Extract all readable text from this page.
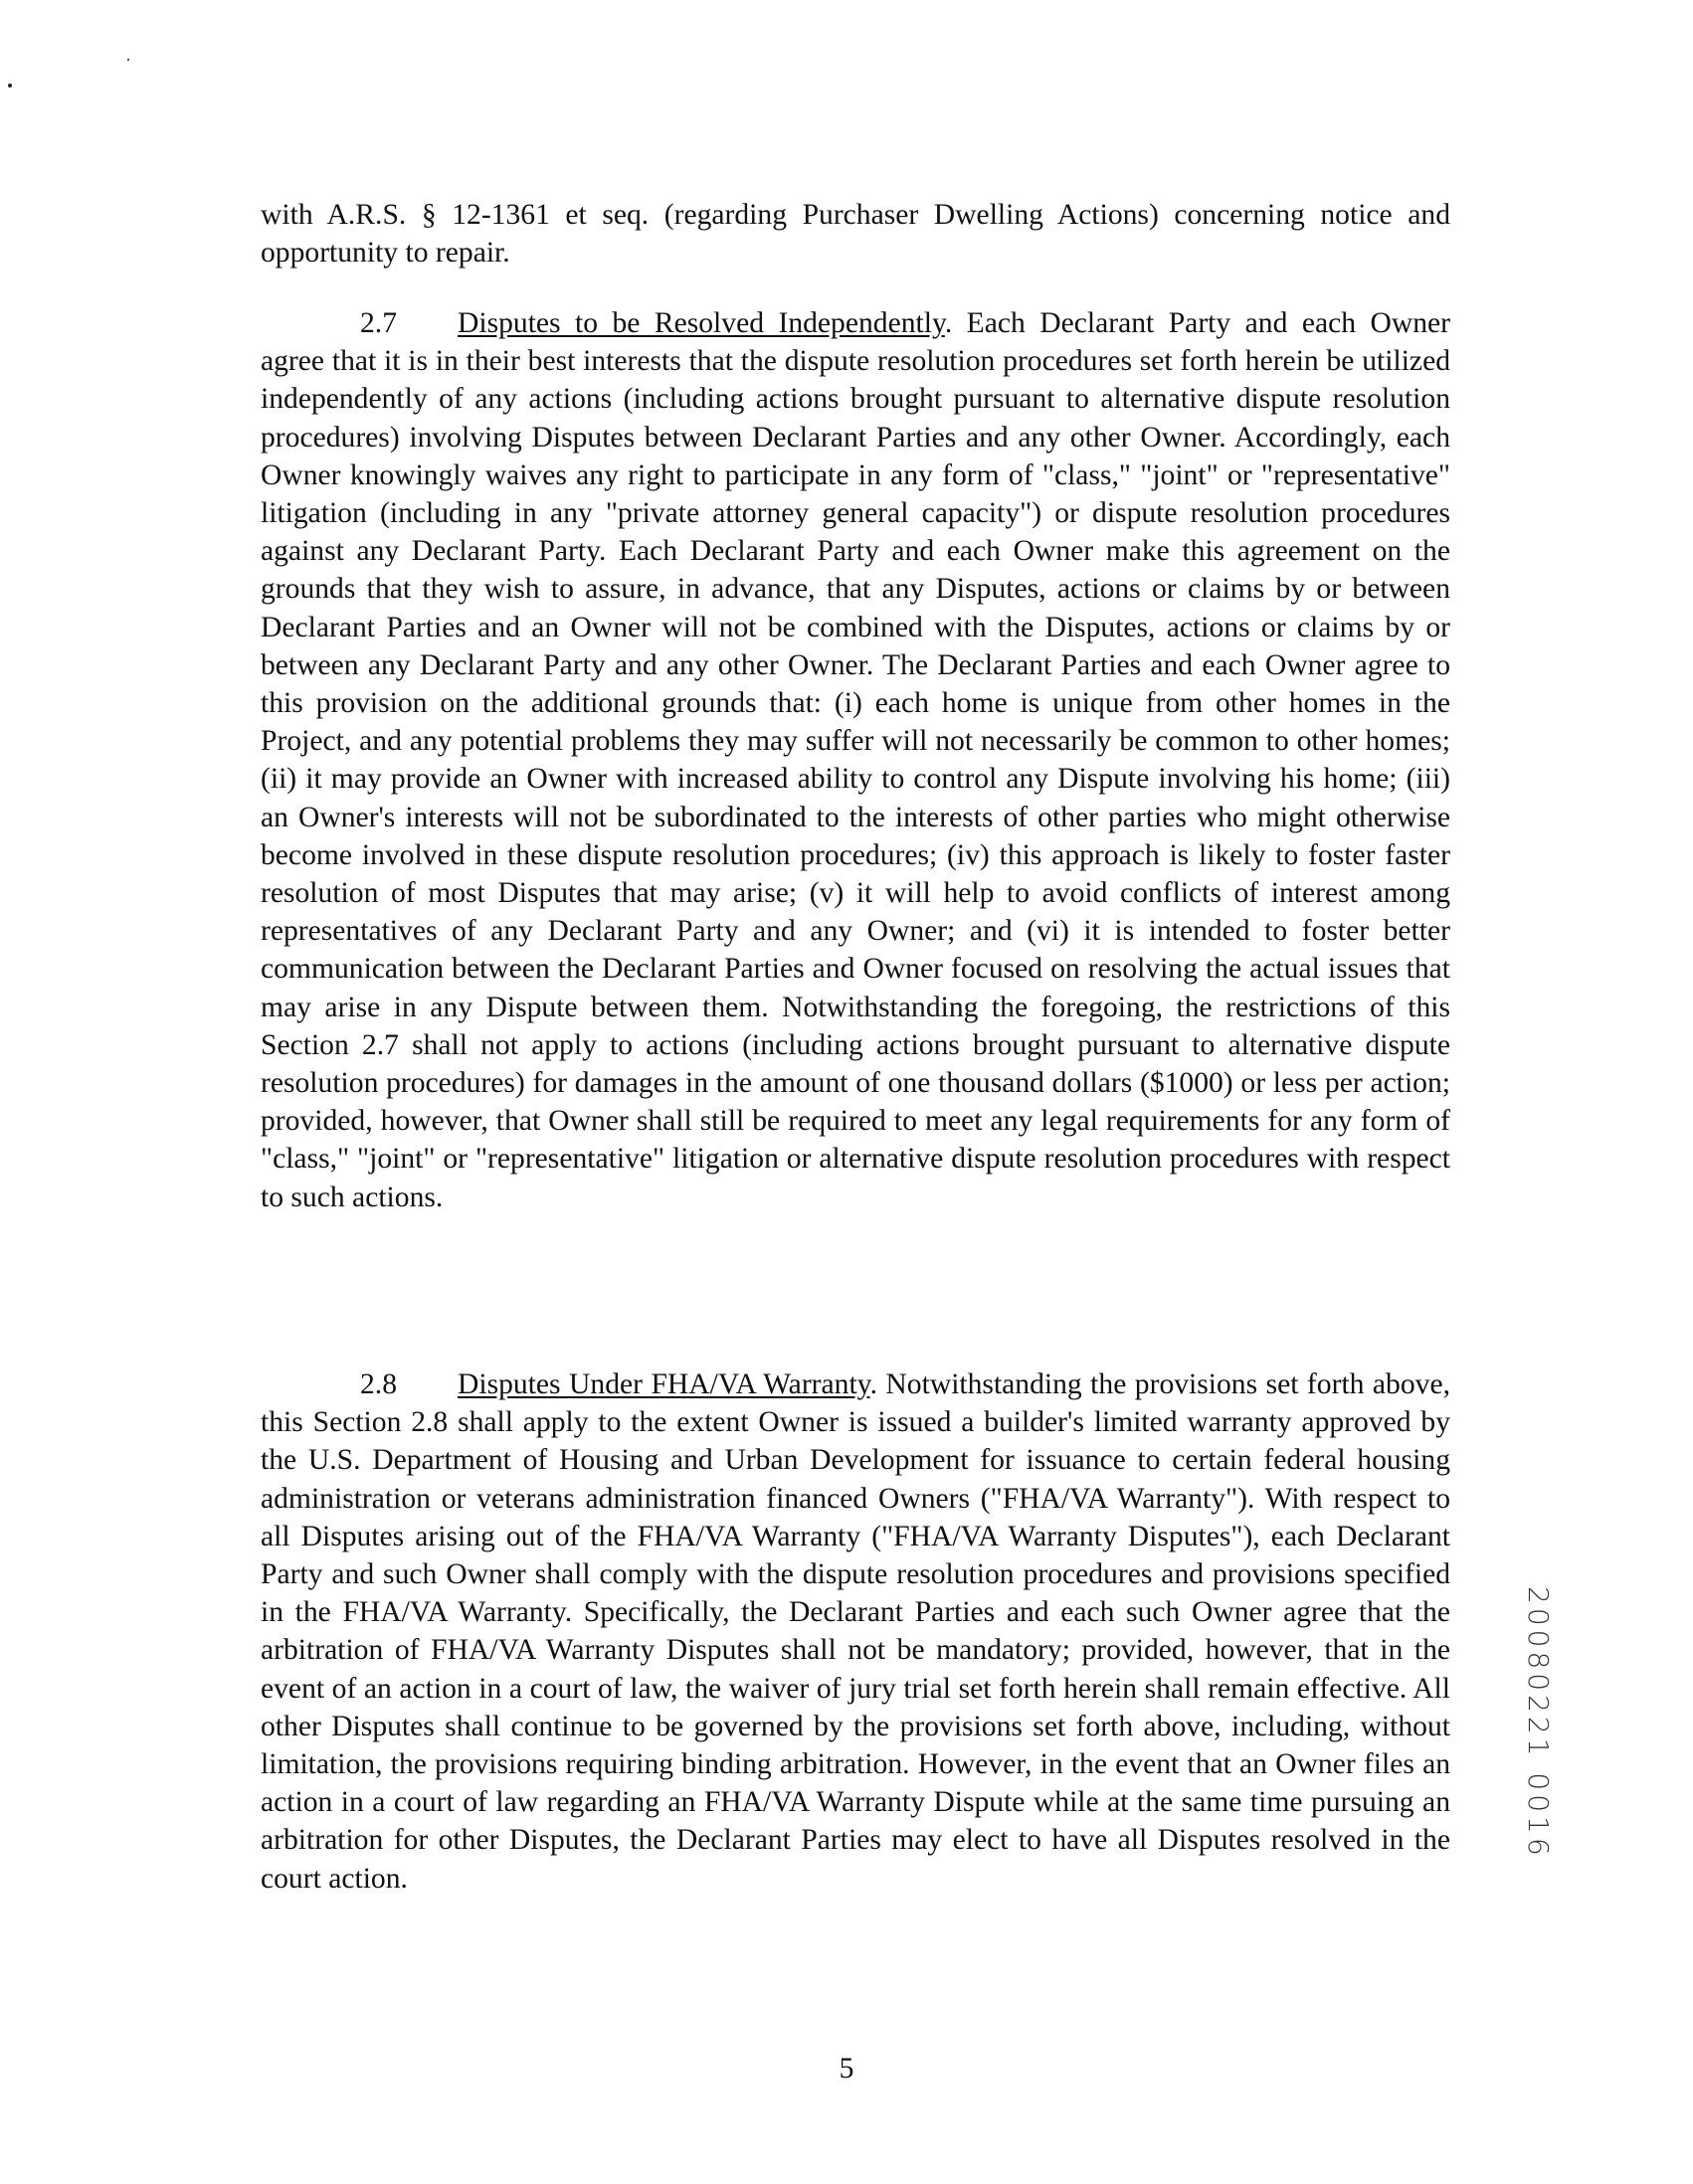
with A.R.S. § 12-1361 et seq. (regarding Purchaser Dwelling Actions) concerning notice and opportunity to repair.

2.7 Disputes to be Resolved Independently. Each Declarant Party and each Owner agree that it is in their best interests that the dispute resolution procedures set forth herein be utilized independently of any actions (including actions brought pursuant to alternative dispute resolution procedures) involving Disputes between Declarant Parties and any other Owner. Accordingly, each Owner knowingly waives any right to participate in any form of "class," "joint" or "representative" litigation (including in any "private attorney general capacity") or dispute resolution procedures against any Declarant Party. Each Declarant Party and each Owner make this agreement on the grounds that they wish to assure, in advance, that any Disputes, actions or claims by or between Declarant Parties and an Owner will not be combined with the Disputes, actions or claims by or between any Declarant Party and any other Owner. The Declarant Parties and each Owner agree to this provision on the additional grounds that: (i) each home is unique from other homes in the Project, and any potential problems they may suffer will not necessarily be common to other homes; (ii) it may provide an Owner with increased ability to control any Dispute involving his home; (iii) an Owner's interests will not be subordinated to the interests of other parties who might otherwise become involved in these dispute resolution procedures; (iv) this approach is likely to foster faster resolution of most Disputes that may arise; (v) it will help to avoid conflicts of interest among representatives of any Declarant Party and any Owner; and (vi) it is intended to foster better communication between the Declarant Parties and Owner focused on resolving the actual issues that may arise in any Dispute between them. Notwithstanding the foregoing, the restrictions of this Section 2.7 shall not apply to actions (including actions brought pursuant to alternative dispute resolution procedures) for damages in the amount of one thousand dollars ($1000) or less per action; provided, however, that Owner shall still be required to meet any legal requirements for any form of "class," "joint" or "representative" litigation or alternative dispute resolution procedures with respect to such actions.

2.8 Disputes Under FHA/VA Warranty. Notwithstanding the provisions set forth above, this Section 2.8 shall apply to the extent Owner is issued a builder's limited warranty approved by the U.S. Department of Housing and Urban Development for issuance to certain federal housing administration or veterans administration financed Owners ("FHA/VA Warranty"). With respect to all Disputes arising out of the FHA/VA Warranty ("FHA/VA Warranty Disputes"), each Declarant Party and such Owner shall comply with the dispute resolution procedures and provisions specified in the FHA/VA Warranty. Specifically, the Declarant Parties and each such Owner agree that the arbitration of FHA/VA Warranty Disputes shall not be mandatory; provided, however, that in the event of an action in a court of law, the waiver of jury trial set forth herein shall remain effective. All other Disputes shall continue to be governed by the provisions set forth above, including, without limitation, the provisions requiring binding arbitration. However, in the event that an Owner files an action in a court of law regarding an FHA/VA Warranty Dispute while at the same time pursuing an arbitration for other Disputes, the Declarant Parties may elect to have all Disputes resolved in the court action.

20080221 0016
5
